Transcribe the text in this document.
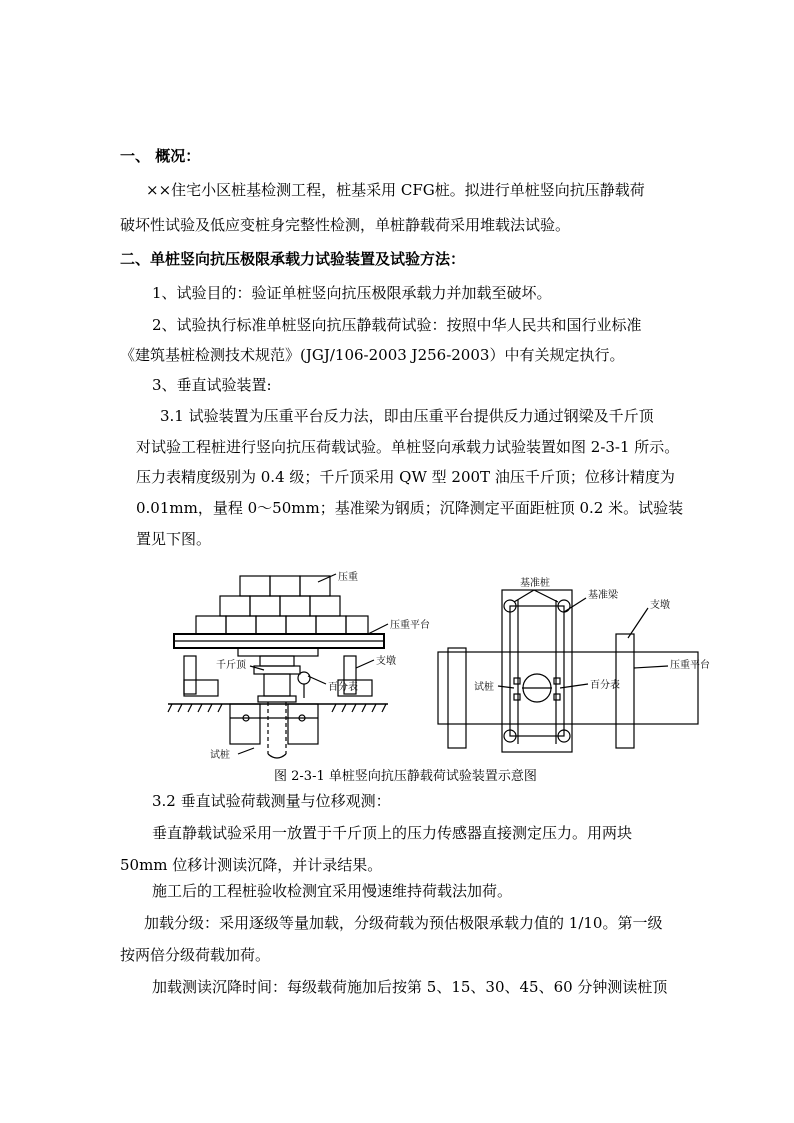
一、 概况：
××住宅小区桩基检测工程，桩基采用 CFG桩。拟进行单桩竖向抗压静载荷
破坏性试验及低应变桩身完整性检测，单桩静载荷采用堆载法试验。
二、单桩竖向抗压极限承载力试验装置及试验方法：
1、试验目的：验证单桩竖向抗压极限承载力并加载至破坏。
2、试验执行标准单桩竖向抗压静载荷试验：按照中华人民共和国行业标准
《建筑基桩检测技术规范》(JGJ/106-2003 J256-2003）中有关规定执行。
3、垂直试验装置:
3.1 试验装置为压重平台反力法，即由压重平台提供反力通过钢梁及千斤顶
对试验工程桩进行竖向抗压荷载试验。单桩竖向承载力试验装置如图 2-3-1 所示。
压力表精度级别为 0.4 级；千斤顶采用 QW 型 200T 油压千斤顶；位移计精度为
0.01mm，量程 0～50mm；基准梁为钢质；沉降测定平面距桩顶 0.2 米。试验装
置见下图。
压重
压重平台
千斤顶
百分表
支墩
试桩
基准桩
基准梁
支墩
压重平台
试桩	百分表
图 2-3-1 单桩竖向抗压静载荷试验装置示意图
3.2 垂直试验荷载测量与位移观测：
垂直静载试验采用一放置于千斤顶上的压力传感器直接测定压力。用两块
50mm 位移计测读沉降，并计录结果。
施工后的工程桩验收检测宜采用慢速维持荷载法加荷。
加载分级：采用逐级等量加载，分级荷载为预估极限承载力值的 1/10。第一级
按两倍分级荷载加荷。
加载测读沉降时间：每级载荷施加后按第 5、15、30、45、60 分钟测读桩顶
